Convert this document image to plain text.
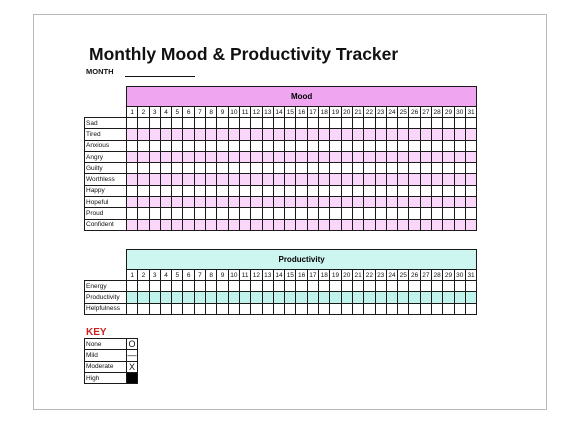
Monthly Mood & Productivity Tracker
MONTH
	Mood																														
	1	2	3	4	5	6	7	8	9	10	11	12	13	14	15	16	17	18	19	20	21	22	23	24	25	26	27	28	29	30	31
Sad																															
Tired																															
Anxious																															
Angry																															
Guilty																															
Worthless																															
Happy																															
Hopeful																															
Proud																															
Confident																															
	Productivity																														
	1	2	3	4	5	6	7	8	9	10	11	12	13	14	15	16	17	18	19	20	21	22	23	24	25	26	27	28	29	30	31
Energy																															
Productivity																															
Helpfulness																															
KEY
None	O
Mild	—
Moderate	X
High	
